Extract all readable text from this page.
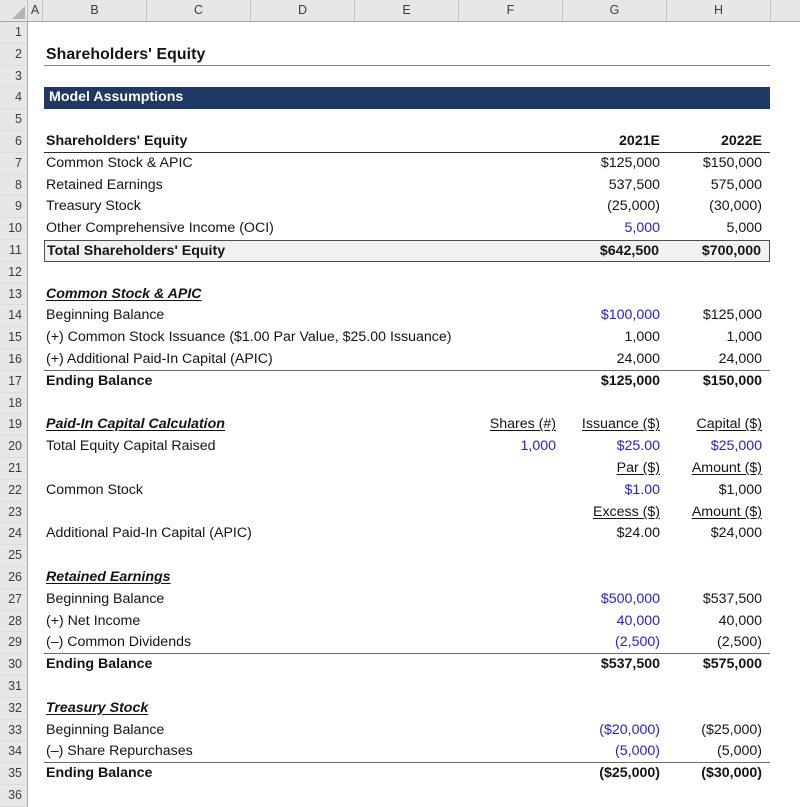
A	B	C	D	E	F	G	H
1
2
3
4
5
6
7
8
9
10
11
12
13
14
15
16
17
18
19
20
21
22
23
24
25
26
27
28
29
30
31
32
33
34
35
36
Shareholders' Equity
Model Assumptions
Shareholders' Equity	2021E	2022E
Common Stock & APIC	$125,000	$150,000
Retained Earnings	537,500	575,000
Treasury Stock	(25,000)	(30,000)
Other Comprehensive Income (OCI)	5,000	5,000
Total Shareholders' Equity	$642,500	$700,000
Common Stock & APIC
Beginning Balance	$100,000	$125,000
(+) Common Stock Issuance ($1.00 Par Value, $25.00 Issuance)	1,000	1,000
(+) Additional Paid-In Capital (APIC)	24,000	24,000
Ending Balance	$125,000	$150,000
Paid-In Capital Calculation	Shares (#)	Issuance ($)	Capital ($)
Total Equity Capital Raised	1,000	$25.00	$25,000
Par ($)	Amount ($)
Common Stock	$1.00	$1,000
Excess ($)	Amount ($)
Additional Paid-In Capital (APIC)	$24.00	$24,000
Retained Earnings
Beginning Balance	$500,000	$537,500
(+) Net Income	40,000	40,000
(–) Common Dividends	(2,500)	(2,500)
Ending Balance	$537,500	$575,000
Treasury Stock
Beginning Balance	($20,000)	($25,000)
(–) Share Repurchases	(5,000)	(5,000)
Ending Balance	($25,000)	($30,000)
